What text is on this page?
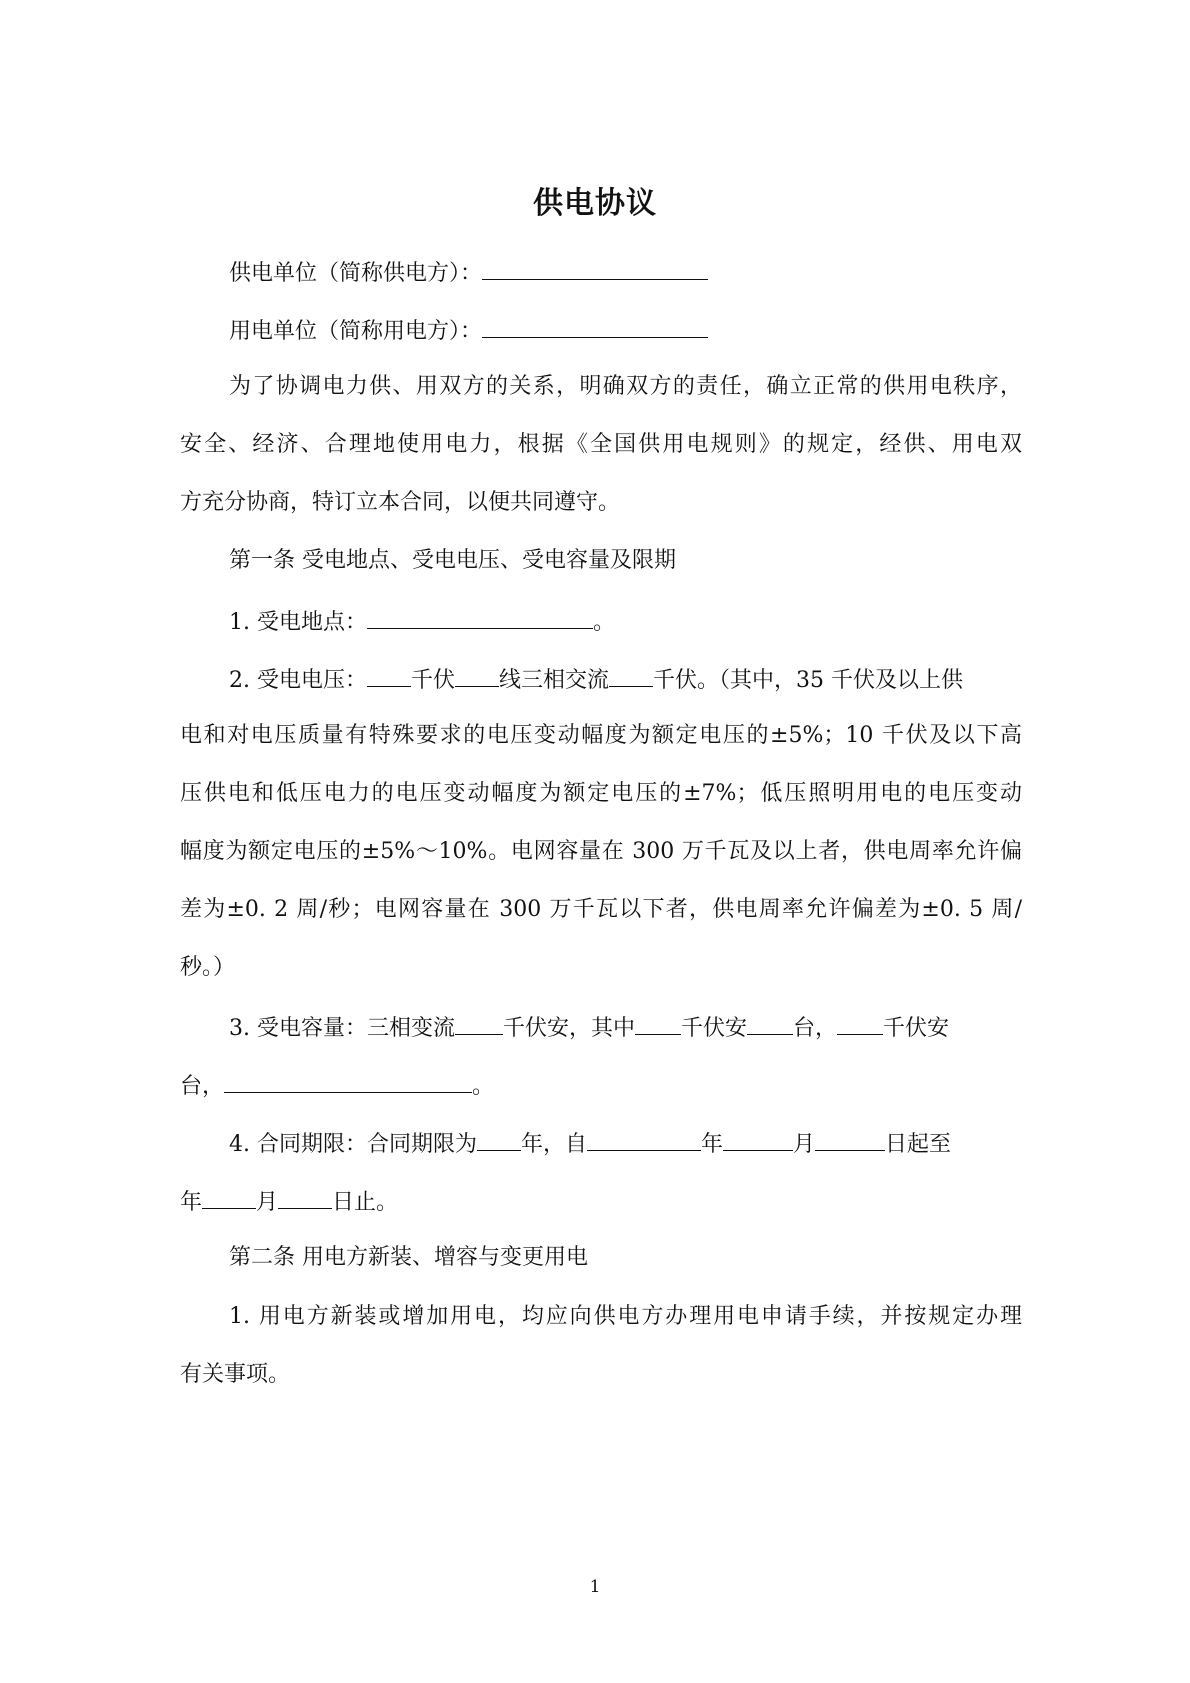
供电协议
供电单位（简称供电方）：
用电单位（简称用电方）：
为了协调电力供、用双方的关系，明确双方的责任，确立正常的供用电秩序，
安全、经济、合理地使用电力，根据《全国供用电规则》的规定，经供、用电双
方充分协商，特订立本合同，以便共同遵守。
第一条 受电地点、受电电压、受电容量及限期
1. 受电地点：	。
2. 受电电压： 千伏 线三相交流 千伏。（其中，35 千伏及以上供
电和对电压质量有特殊要求的电压变动幅度为额定电压的±5%；10 千伏及以下高
压供电和低压电力的电压变动幅度为额定电压的±7%；低压照明用电的电压变动
幅度为额定电压的±5%～10%。电网容量在 300 万千瓦及以上者，供电周率允许偏
差为±0. 2 周/秒；电网容量在 300 万千瓦以下者，供电周率允许偏差为±0. 5 周/
秒。）
3. 受电容量：三相变流 千伏安，其中 千伏安 台， 千伏安
台，	。
4. 合同期限：合同期限为 年，自	年	月	日起至
年 月 日止。
第二条 用电方新装、增容与变更用电
1. 用电方新装或增加用电，均应向供电方办理用电申请手续，并按规定办理
有关事项。
1
